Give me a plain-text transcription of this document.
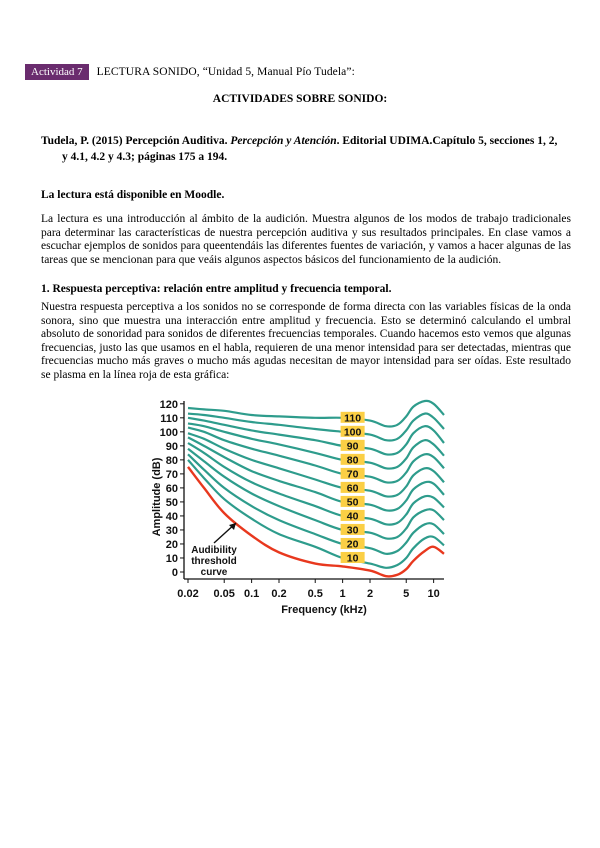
Actividad 7	LECTURA SONIDO, “Unidad 5, Manual Pío Tudela”:
ACTIVIDADES SOBRE SONIDO:
Tudela, P. (2015) Percepción Auditiva. Percepción y Atención. Editorial UDIMA.Capítulo 5, secciones 1, 2,
y 4.1, 4.2 y 4.3; páginas 175 a 194.
La lectura está disponible en Moodle.
La lectura es una introducción al ámbito de la audición. Muestra algunos de los modos de trabajo tradicionales para determinar las características de nuestra percepción auditiva y sus resultados principales. En clase vamos a escuchar ejemplos de sonidos para queentendáis las diferentes fuentes de variación, y vamos a hacer algunas de las tareas que se mencionan para que veáis algunos aspectos básicos del funcionamiento de la audición.
1. Respuesta perceptiva: relación entre amplitud y frecuencia temporal.
Nuestra respuesta perceptiva a los sonidos no se corresponde de forma directa con las variables físicas de la onda sonora, sino que muestra una interacción entre amplitud y frecuencia. Esto se determinó calculando el umbral absoluto de sonoridad para sonidos de diferentes frecuencias temporales. Cuando hacemos esto vemos que algunas frecuencias, justo las que usamos en el habla, requieren de una menor intensidad para ser detectadas, mientras que frecuencias mucho más graves o mucho más agudas necesitan de mayor intensidad para ser oídas. Este resultado se plasma en la línea roja de esta gráfica:
10
20
30
40
50
60
70
80
90
100
110
0
10
20
30
40
50
60
70
80
90
100
110
120
0.02 0.05 0.1 0.2 0.5 1 2	5 10
Frequency (kHz)
Amplitude (dB)
Audibility
threshold
curve
